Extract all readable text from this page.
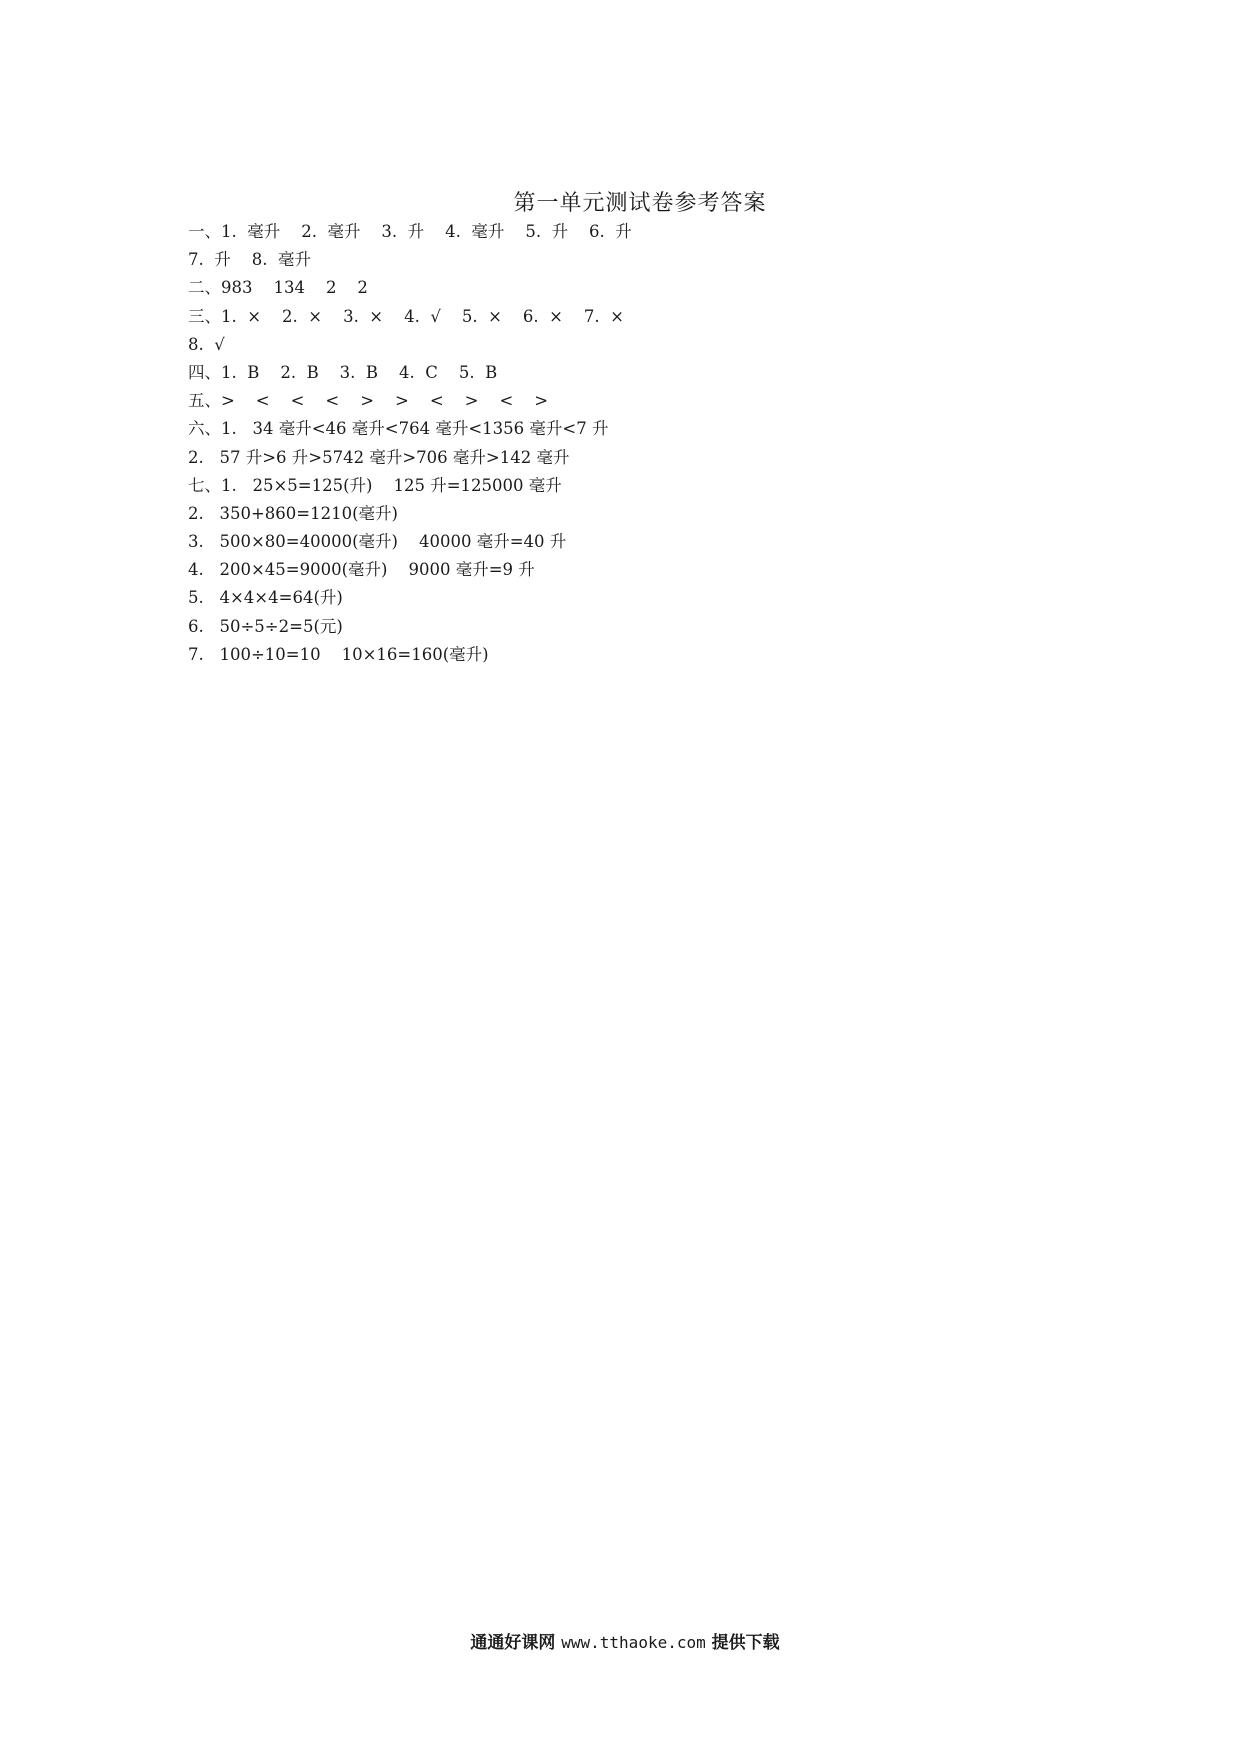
第一单元测试卷参考答案
一、1.  毫升    2.  毫升    3.  升    4.  毫升    5.  升    6.  升
7.  升    8.  毫升
二、983    134    2    2
三、1.  ×    2.  ×    3.  ×    4.  √    5.  ×    6.  ×    7.  ×
8.  √
四、1.  B    2.  B    3.  B    4.  C    5.  B
五、>    <    <    <    >    >    <    >    <    >
六、1.   34 毫升<46 毫升<764 毫升<1356 毫升<7 升
2.   57 升>6 升>5742 毫升>706 毫升>142 毫升
七、1.   25×5=125(升)    125 升=125000 毫升
2.   350+860=1210(毫升)
3.   500×80=40000(毫升)    40000 毫升=40 升
4.   200×45=9000(毫升)    9000 毫升=9 升
5.   4×4×4=64(升)
6.   50÷5÷2=5(元)
7.   100÷10=10    10×16=160(毫升)
通通好课网 www.tthaoke.com 提供下载
